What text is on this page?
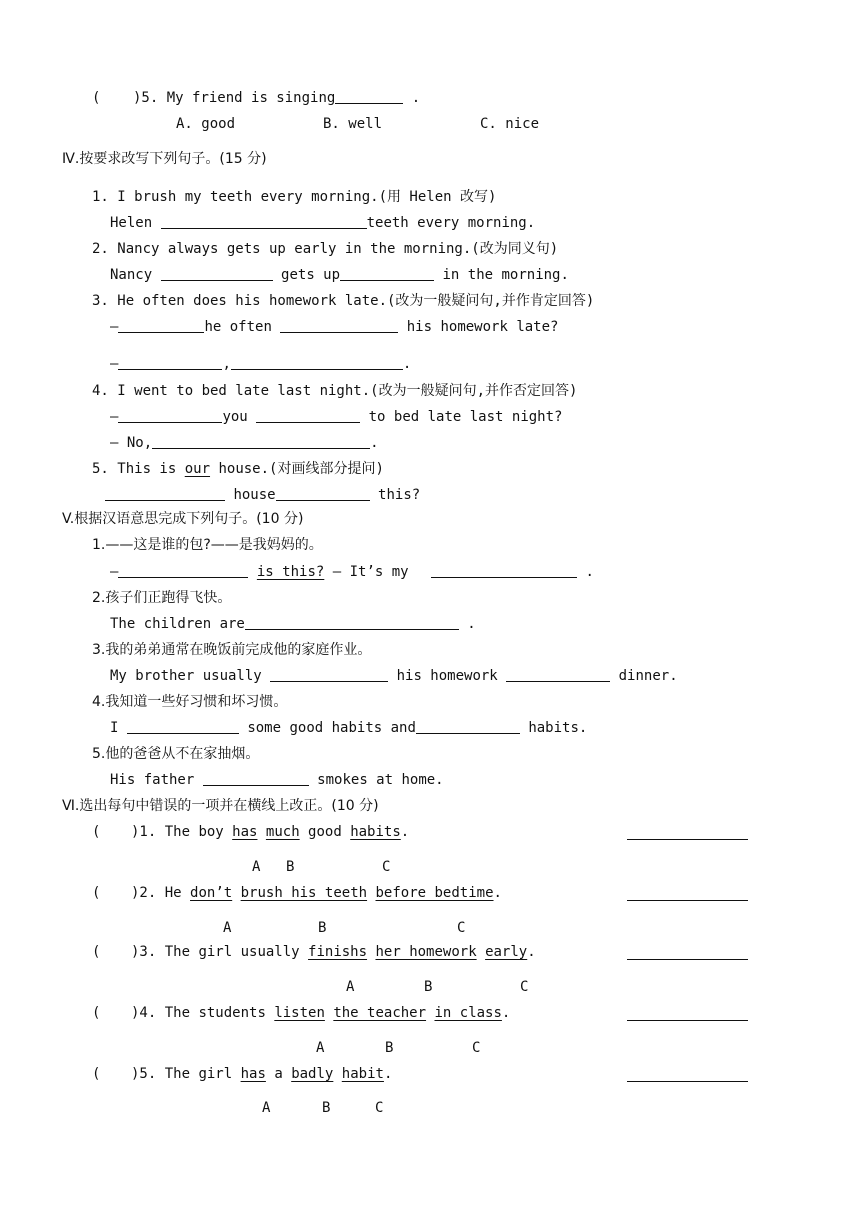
( )5. My friend is singing	.
A. good	B. well	C. nice
Ⅳ.按要求改写下列句子。(15 分)
1. I brush my teeth every morning.(用 Helen 改写)
Helen	teeth every morning.
2. Nancy always gets up early in the morning.(改为同义句)
Nancy	gets up	in the morning.
3. He often does his homework late.(改为一般疑问句,并作肯定回答)
—	he often	his homework late?
—	,	.
4. I went to bed late last night.(改为一般疑问句,并作否定回答)
—	you	to bed late last night?
— No,	.
5. This is our house.(对画线部分提问)
house	this?
V.根据汉语意思完成下列句子。(10 分)
1.——这是谁的包?——是我妈妈的。
—	is this? — It’s my	.
2.孩子们正跑得飞快。
The children are	.
3.我的弟弟通常在晚饭前完成他的家庭作业。
My brother usually	his homework	dinner.
4.我知道一些好习惯和坏习惯。
I	some good habits and	habits.
5.他的爸爸从不在家抽烟。
His father	smokes at home.
Ⅵ.选出每句中错误的一项并在横线上改正。(10 分)
( )1. The boy has much good habits.
A B	C
( )2. He don’t brush his teeth before bedtime.
A	B	C
( )3. The girl usually finishs her homework early.
A	B	C
( )4. The students listen the teacher in class.
A	B	C
( )5. The girl has a badly habit.
A	B	C
